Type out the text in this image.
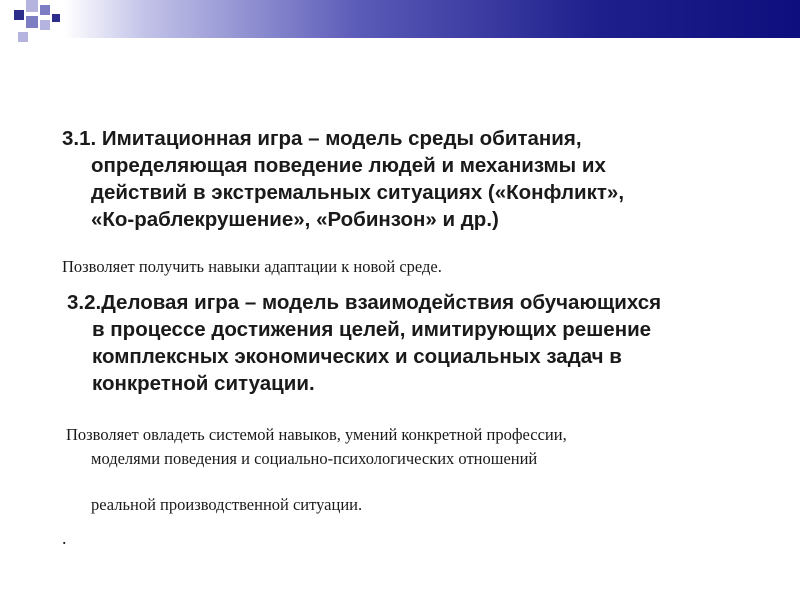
3.1. Имитационная игра – модель среды обитания,
определяющая поведение людей и механизмы их
действий в экстремальных ситуациях («Конфликт»,
«Ко-раблекрушение», «Робинзон» и др.)
Позволяет получить навыки адаптации к новой среде.
3.2.Деловая игра – модель взаимодействия обучающихся
в процессе достижения целей, имитирующих решение
комплексных экономических и социальных задач в
конкретной ситуации.
Позволяет овладеть системой навыков, умений конкретной профессии,
моделями поведения и социально-психологических отношений
реальной производственной ситуации.
.
